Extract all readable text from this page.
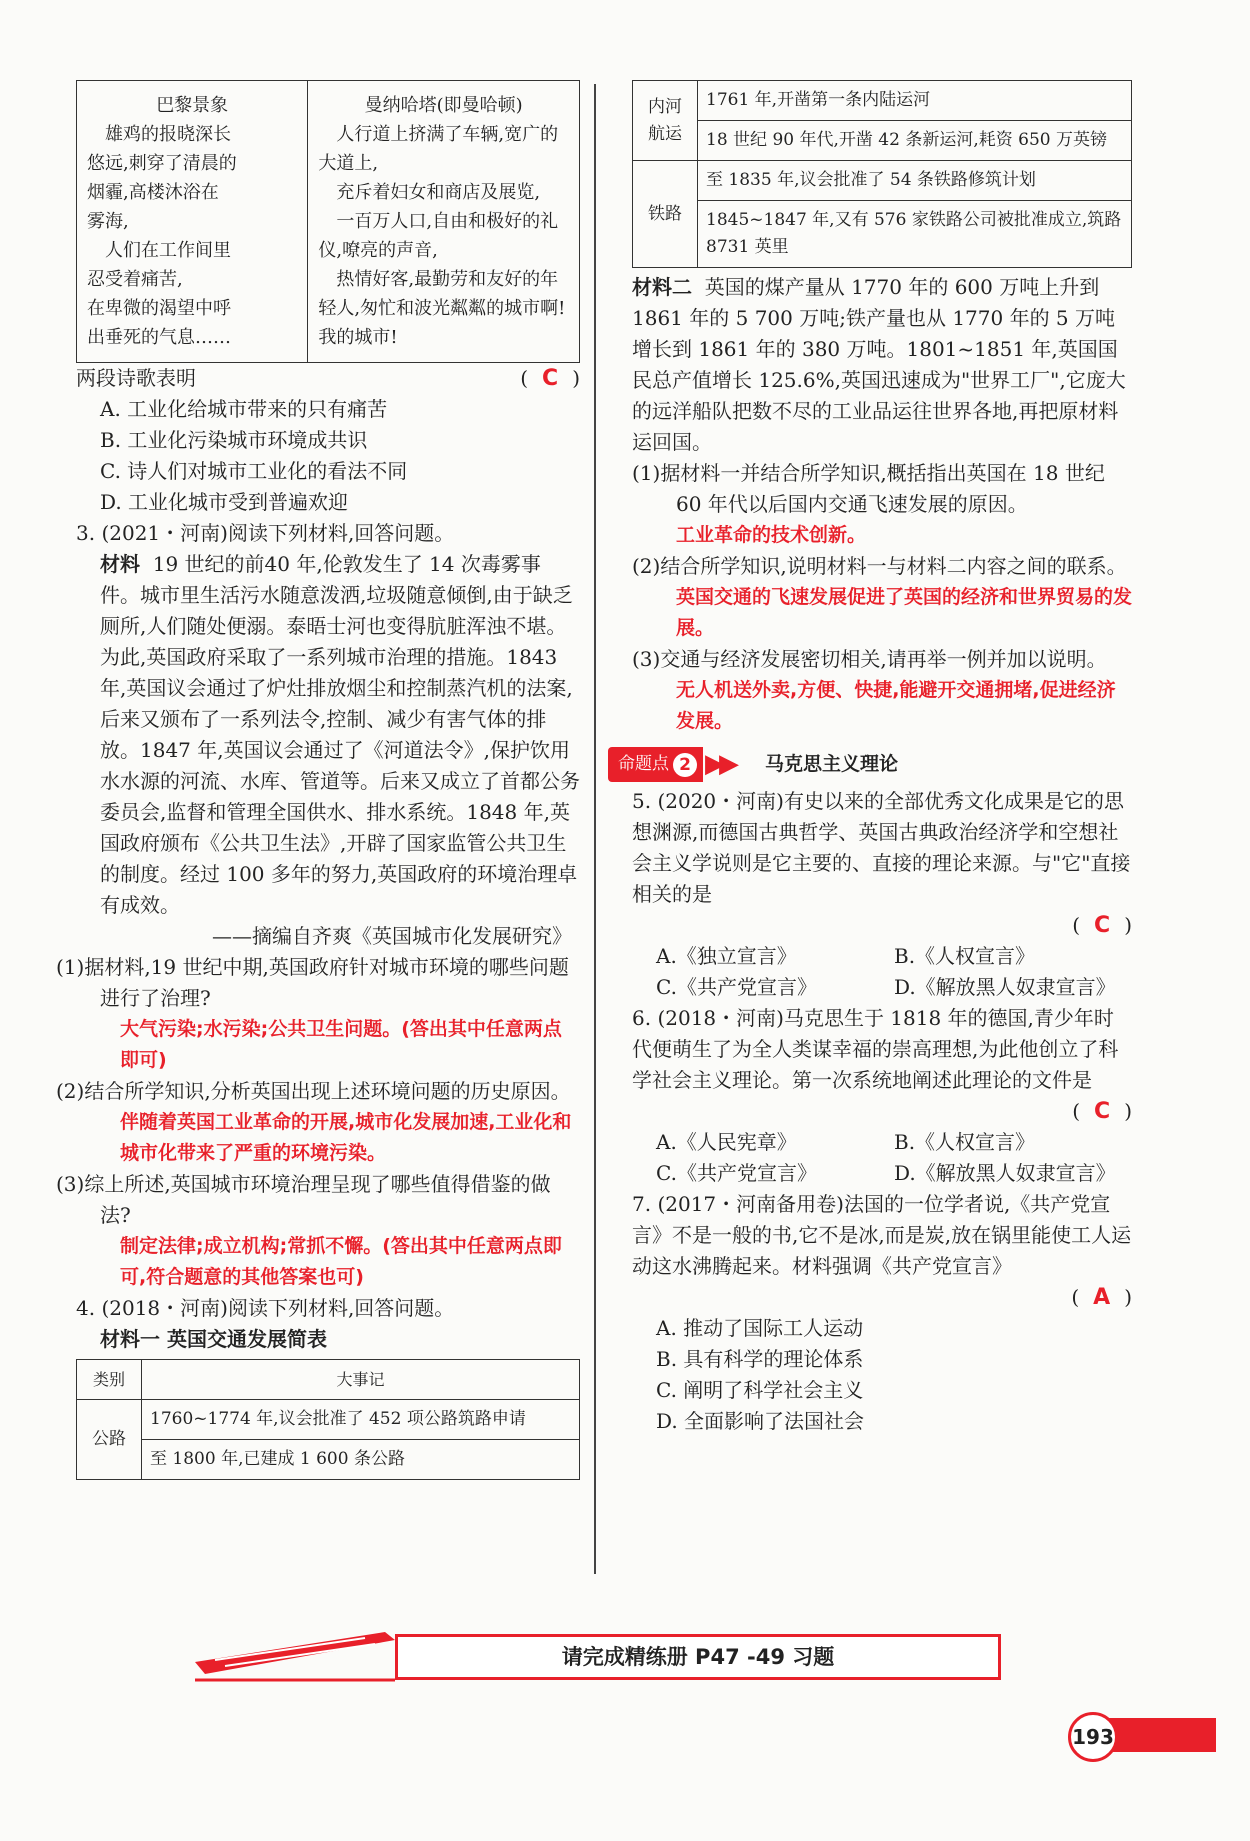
巴黎景象
雄鸡的报晓深长
悠远,刺穿了清晨的
烟霾,高楼沐浴在
雾海,
人们在工作间里
忍受着痛苦,
在卑微的渴望中呼
出垂死的气息……

曼纳哈塔(即曼哈顿)
人行道上挤满了车辆,宽广的
大道上,
充斥着妇女和商店及展览,
一百万人口,自由和极好的礼
仪,嘹亮的声音,
热情好客,最勤劳和友好的年
轻人,匆忙和波光粼粼的城市啊!
我的城市!
两段诗歌表明	( C )
A. 工业化给城市带来的只有痛苦
B. 工业化污染城市环境成共识
C. 诗人们对城市工业化的看法不同
D. 工业化城市受到普遍欢迎
3. (2021・河南)阅读下列材料,回答问题。
材料 19 世纪的前40 年,伦敦发生了 14 次毒雾事件。城市里生活污水随意泼洒,垃圾随意倾倒,由于缺乏厕所,人们随处便溺。泰晤士河也变得肮脏浑浊不堪。为此,英国政府采取了一系列城市治理的措施。1843 年,英国议会通过了炉灶排放烟尘和控制蒸汽机的法案,后来又颁布了一系列法令,控制、减少有害气体的排放。1847 年,英国议会通过了《河道法令》,保护饮用水水源的河流、水库、管道等。后来又成立了首都公务委员会,监督和管理全国供水、排水系统。1848 年,英国政府颁布《公共卫生法》,开辟了国家监管公共卫生的制度。经过 100 多年的努力,英国政府的环境治理卓有成效。
——摘编自齐爽《英国城市化发展研究》
(1)据材料,19 世纪中期,英国政府针对城市环境的哪些问题进行了治理?
大气污染;水污染;公共卫生问题。(答出其中任意两点即可)
(2)结合所学知识,分析英国出现上述环境问题的历史原因。
伴随着英国工业革命的开展,城市化发展加速,工业化和城市化带来了严重的环境污染。
(3)综上所述,英国城市环境治理呈现了哪些值得借鉴的做法?
制定法律;成立机构;常抓不懈。(答出其中任意两点即可,符合题意的其他答案也可)
4. (2018・河南)阅读下列材料,回答问题。
材料一 英国交通发展简表
类别	大事记
公路	1760~1774 年,议会批准了 452 项公路筑路申请
	至 1800 年,已建成 1 600 条公路
内河航运	1761 年,开凿第一条内陆运河
	18 世纪 90 年代,开凿 42 条新运河,耗资 650 万英镑
铁路	至 1835 年,议会批准了 54 条铁路修筑计划
	1845~1847 年,又有 576 家铁路公司被批准成立,筑路 8731 英里
材料二 英国的煤产量从 1770 年的 600 万吨上升到 1861 年的 5 700 万吨;铁产量也从 1770 年的 5 万吨增长到 1861 年的 380 万吨。1801~1851 年,英国国民总产值增长 125.6%,英国迅速成为"世界工厂",它庞大的远洋船队把数不尽的工业品运往世界各地,再把原材料运回国。
(1)据材料一并结合所学知识,概括指出英国在 18 世纪 60 年代以后国内交通飞速发展的原因。
工业革命的技术创新。
(2)结合所学知识,说明材料一与材料二内容之间的联系。
英国交通的飞速发展促进了英国的经济和世界贸易的发展。
(3)交通与经济发展密切相关,请再举一例并加以说明。
无人机送外卖,方便、快捷,能避开交通拥堵,促进经济发展。
命题点 2 ▶▶ 马克思主义理论
5. (2020・河南)有史以来的全部优秀文化成果是它的思想渊源,而德国古典哲学、英国古典政治经济学和空想社会主义学说则是它主要的、直接的理论来源。与"它"直接相关的是
( C )
A.《独立宣言》	B.《人权宣言》
C.《共产党宣言》	D.《解放黑人奴隶宣言》
6. (2018・河南)马克思生于 1818 年的德国,青少年时代便萌生了为全人类谋幸福的崇高理想,为此他创立了科学社会主义理论。第一次系统地阐述此理论的文件是
( C )
A.《人民宪章》	B.《人权宣言》
C.《共产党宣言》	D.《解放黑人奴隶宣言》
7. (2017・河南备用卷)法国的一位学者说,《共产党宣言》不是一般的书,它不是冰,而是炭,放在锅里能使工人运动这水沸腾起来。材料强调《共产党宣言》
( A )
A. 推动了国际工人运动
B. 具有科学的理论体系
C. 阐明了科学社会主义
D. 全面影响了法国社会
请完成精练册 P47 -49 习题
193
